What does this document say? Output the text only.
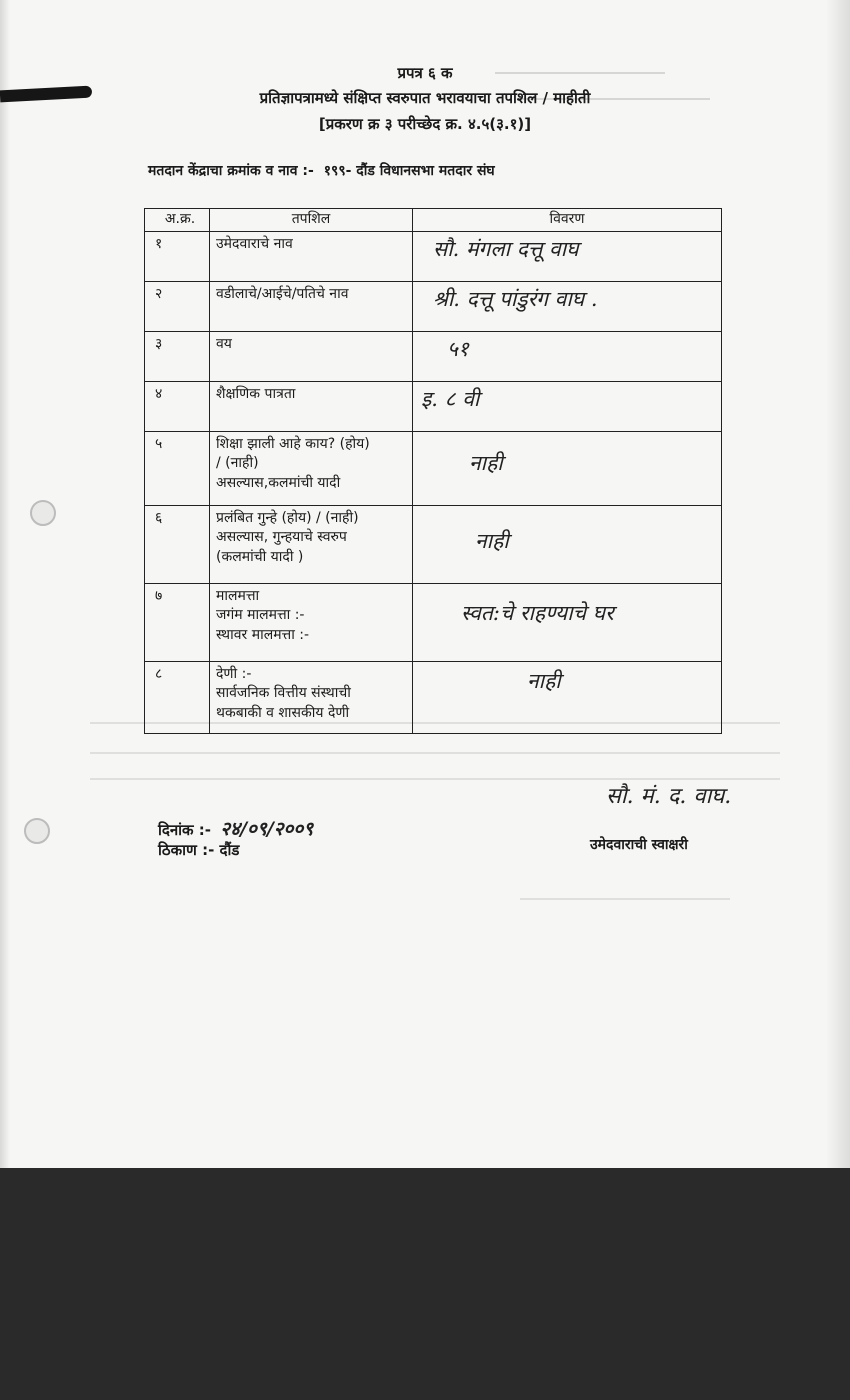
प्रपत्र ६ क
प्रतिज्ञापत्रामध्ये संक्षिप्त स्वरुपात भरावयाचा तपशिल / माहीती
[प्रकरण क्र ३ परीच्छेद क्र. ४.५(३.१)]
मतदान केंद्राचा क्रमांक व नाव :- १९९- दौंड विधानसभा मतदार संघ
अ.क्र.	तपशिल	विवरण
१	उमेदवाराचे नाव	सौ. मंगला दत्तू वाघ
२	वडीलाचे/आईचे/पतिचे नाव	श्री. दत्तू पांडुरंग वाघ .
३	वय	५१
४	शैक्षणिक पात्रता	इ. ८ वी
५	शिक्षा झाली आहे काय? (होय)
/ (नाही)
असल्यास,कलमांची यादी	नाही
६	प्रलंबित गुन्हे (होय) / (नाही)
असल्यास, गुन्हयाचे स्वरुप
(कलमांची यादी )	नाही
७	मालमत्ता
जगंम मालमत्ता :-
स्थावर मालमत्ता :-	स्वत:चे राहण्याचे घर
८	देणी :-
सार्वजनिक वित्तीय संस्थाची
थकबाकी व शासकीय देणी	नाही
दिनांक :- २४/०९/२००९
ठिकाण :- दौंड
सौ. मं. द. वाघ.
उमेदवाराची स्वाक्षरी
